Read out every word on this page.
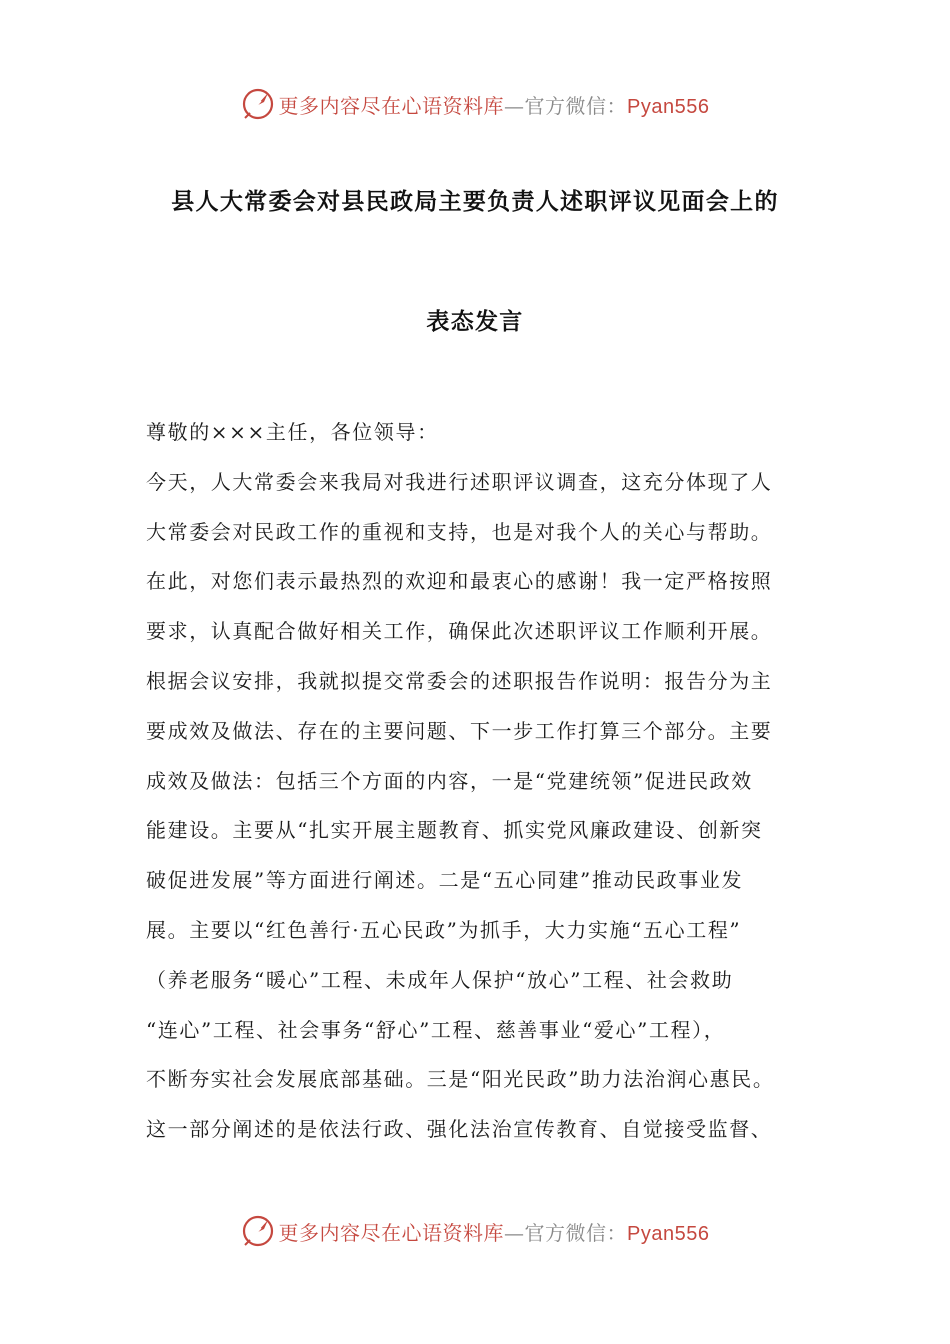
更多内容尽在心语资料库—官方微信：Pyan556
县人大常委会对县民政局主要负责人述职评议见面会上的
表态发言
尊敬的×××主任，各位领导：
今天，人大常委会来我局对我进行述职评议调查，这充分体现了人
大常委会对民政工作的重视和支持，也是对我个人的关心与帮助。
在此，对您们表示最热烈的欢迎和最衷心的感谢！我一定严格按照
要求，认真配合做好相关工作，确保此次述职评议工作顺利开展。
根据会议安排，我就拟提交常委会的述职报告作说明：报告分为主
要成效及做法、存在的主要问题、下一步工作打算三个部分。主要
成效及做法：包括三个方面的内容，一是“党建统领”促进民政效
能建设。主要从“扎实开展主题教育、抓实党风廉政建设、创新突
破促进发展”等方面进行阐述。二是“五心同建”推动民政事业发
展。主要以“红色善行·五心民政”为抓手，大力实施“五心工程”
（养老服务“暖心”工程、未成年人保护“放心”工程、社会救助
“连心”工程、社会事务“舒心”工程、慈善事业“爱心”工程），
不断夯实社会发展底部基础。三是“阳光民政”助力法治润心惠民。
这一部分阐述的是依法行政、强化法治宣传教育、自觉接受监督、
更多内容尽在心语资料库—官方微信：Pyan556
